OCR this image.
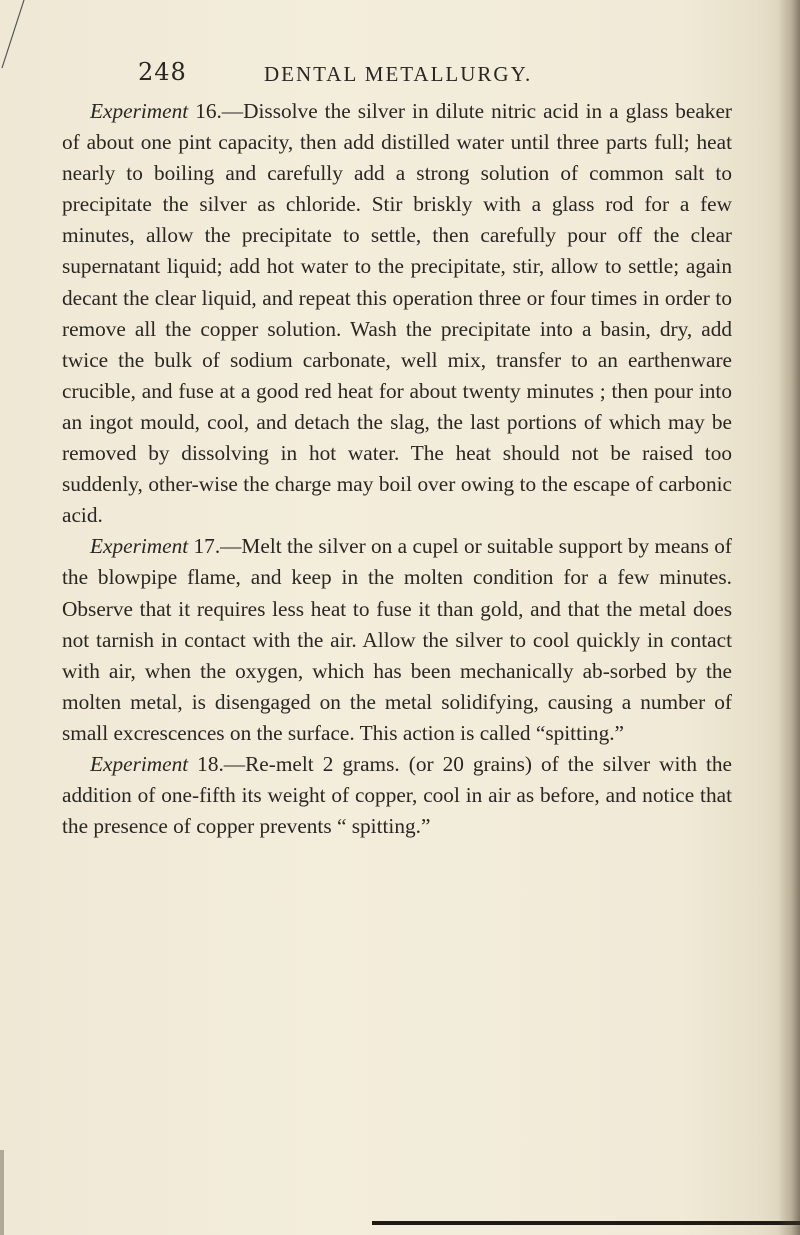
248	DENTAL METALLURGY.

Experiment 16.—Dissolve the silver in dilute nitric acid in a glass beaker of about one pint capacity, then add distilled water until three parts full; heat nearly to boiling and carefully add a strong solution of common salt to precipitate the silver as chloride. Stir briskly with a glass rod for a few minutes, allow the precipitate to settle, then carefully pour off the clear supernatant liquid; add hot water to the precipitate, stir, allow to settle; again decant the clear liquid, and repeat this operation three or four times in order to remove all the copper solution. Wash the precipitate into a basin, dry, add twice the bulk of sodium carbonate, well mix, transfer to an earthenware crucible, and fuse at a good red heat for about twenty minutes ; then pour into an ingot mould, cool, and detach the slag, the last portions of which may be removed by dissolving in hot water. The heat should not be raised too suddenly, other-wise the charge may boil over owing to the escape of carbonic acid.

Experiment 17.—Melt the silver on a cupel or suitable support by means of the blowpipe flame, and keep in the molten condition for a few minutes. Observe that it requires less heat to fuse it than gold, and that the metal does not tarnish in contact with the air. Allow the silver to cool quickly in contact with air, when the oxygen, which has been mechanically ab-sorbed by the molten metal, is disengaged on the metal solidifying, causing a number of small excrescences on the surface. This action is called “spitting.”

Experiment 18.—Re-melt 2 grams. (or 20 grains) of the silver with the addition of one-fifth its weight of copper, cool in air as before, and notice that the presence of copper prevents “ spitting.”
